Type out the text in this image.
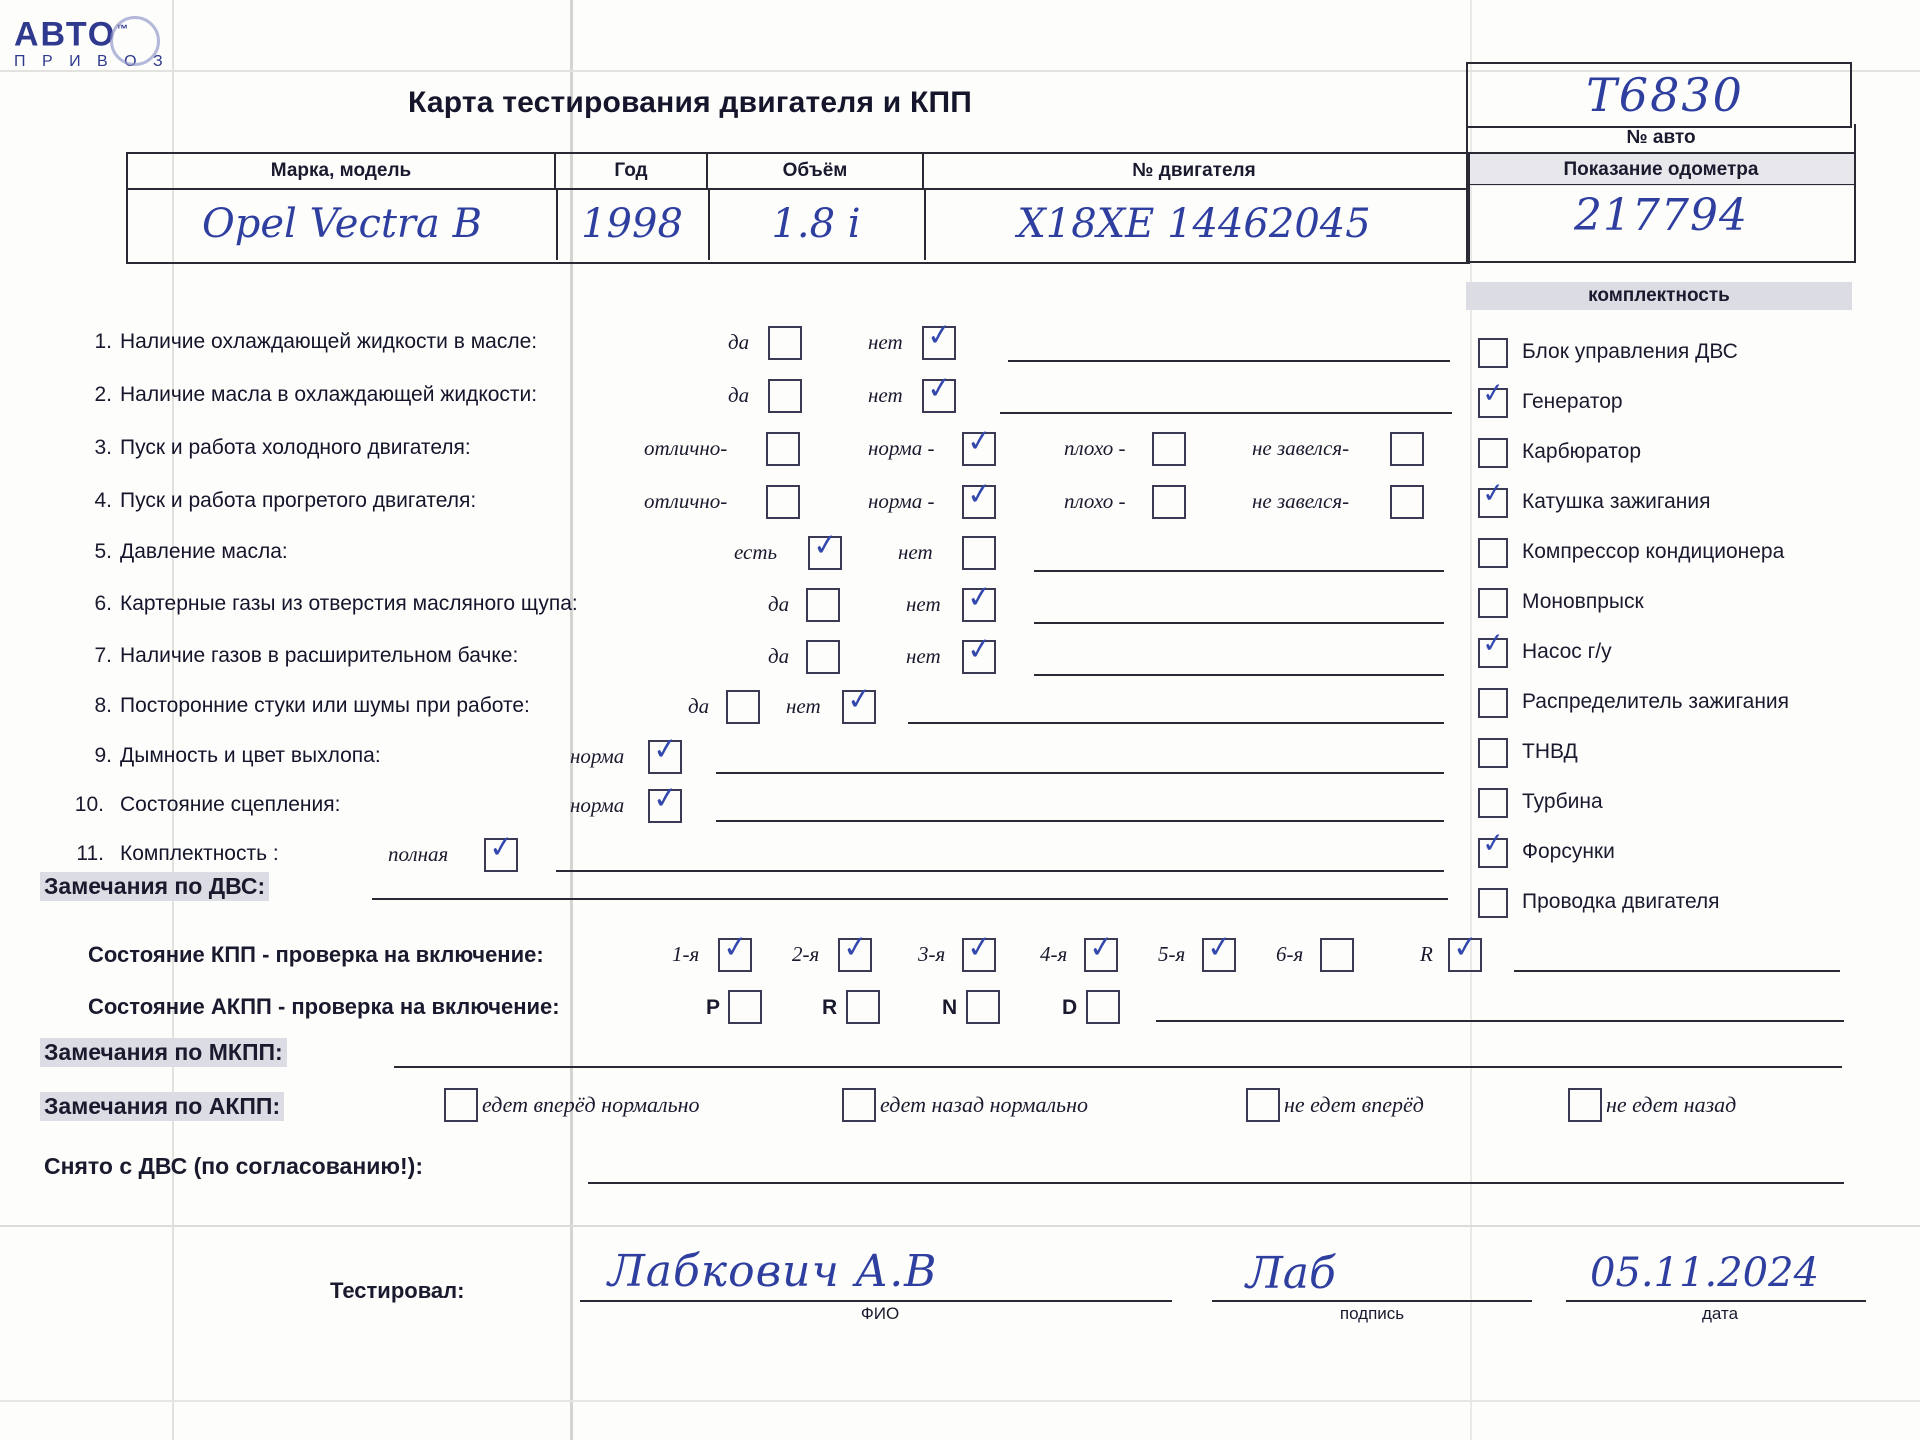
АВТО™
П Р И В О З
Карта тестирования двигателя и КПП	Т6830
№ авто
Показание одометра
217794
Марка, модель	Год	Объём	№ двигателя
Opel Vectra B	1998	1.8 i	X18XE 14462045
1. Наличие охлаждающей жидкости в масле:	да	нет ✓
2. Наличие масла в охлаждающей жидкости:	да	нет ✓
3. Пуск и работа холодного двигателя:	отлично-	норма - ✓	плохо -	не завелся-
4. Пуск и работа прогретого двигателя:	отлично-	норма - ✓	плохо -	не завелся-
5. Давление масла:	есть ✓	нет
6. Картерные газы из отверстия масляного щупа:	да	нет ✓
7. Наличие газов в расширительном бачке:	да	нет ✓
8. Посторонние стуки или шумы при работе:	да	нет ✓
9. Дымность и цвет выхлопа:	норма ✓
10. Состояние сцепления:	норма ✓
11. Комплектность :	полная ✓
комплектность
Блок управления ДВС
✓ Генератор
Карбюратор
✓ Катушка зажигания
Компрессор кондиционера
Моновпрыск
✓ Насос г/у
Распределитель зажигания
ТНВД
Турбина
✓ Форсунки
Проводка двигателя
Замечания по ДВС:
Состояние КПП - проверка на включение:	1-я ✓ 2-я ✓ 3-я ✓ 4-я ✓ 5-я ✓ 6-я	R ✓
Состояние АКПП - проверка на включение:	P	R	N	D
Замечания по МКПП:
Замечания по АКПП:	едет вперёд нормально	едет назад нормально	не едет вперёд	не едет назад
Снято с ДВС (по согласованию!):
Тестировал:	Лабкович А.В
ФИО
Лаб
подпись
05.11.2024
дата
